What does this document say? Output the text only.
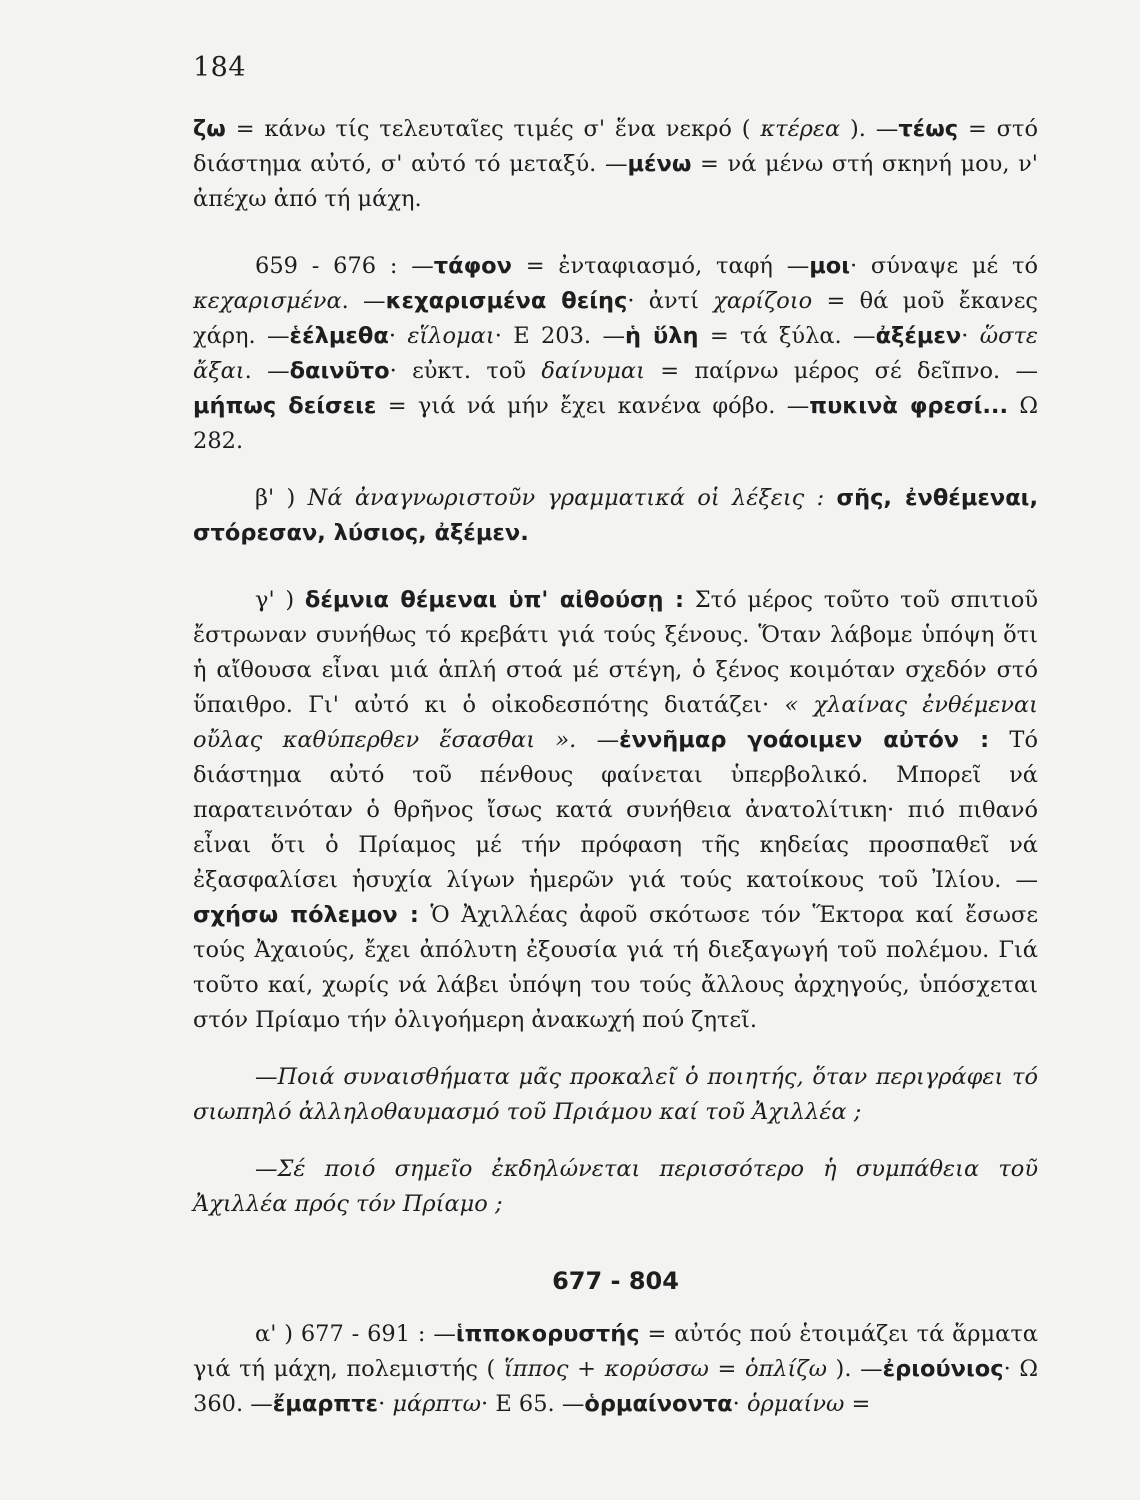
184

ζω = κάνω τίς τελευταῖες τιμές σ' ἕνα νεκρό ( κτέρεα ). —τέως = στό διάστημα αὐτό, σ' αὐτό τό μεταξύ. —μένω = νά μένω στή σκηνή μου, ν' ἀπέχω ἀπό τή μάχη.

659 - 676 : —τάφον = ἐνταφιασμό, ταφή —μοι· σύναψε μέ τό κεχαρισμένα. —κεχαρισμένα θείης· ἀντί χαρίζοιο = θά μοῦ ἔκανες χάρη. —ἑέλμεθα· εἵλομαι· Ε 203. —ἡ ὕλη = τά ξύλα. —ἀξέμεν· ὥστε ἄξαι. —δαινῦτο· εὐκτ. τοῦ δαίνυμαι = παίρνω μέρος σέ δεῖπνο. —μήπως δείσειε = γιά νά μήν ἔχει κανένα φόβο. —πυκινὰ φρεσί... Ω 282.

β' ) Νά ἀναγνωριστοῦν γραμματικά οἱ λέξεις : σῆς, ἐνθέμεναι, στόρεσαν, λύσιος, ἀξέμεν.

γ' ) δέμνια θέμεναι ὑπ' αἰθούσῃ : Στό μέρος τοῦτο τοῦ σπιτιοῦ ἔστρωναν συνήθως τό κρεβάτι γιά τούς ξένους. Ὅταν λάβομε ὑπόψη ὅτι ἡ αἴθουσα εἶναι μιά ἁπλή στοά μέ στέγη, ὁ ξένος κοιμόταν σχεδόν στό ὕπαιθρο. Γι' αὐτό κι ὁ οἰκοδεσπότης διατάζει· « χλαίνας ἐνθέμεναι οὔλας καθύπερθεν ἕσασθαι ». —ἐννῆμαρ γοάοιμεν αὐτόν : Τό διάστημα αὐτό τοῦ πένθους φαίνεται ὑπερβολικό. Μπορεῖ νά παρατεινόταν ὁ θρῆνος ἴσως κατά συνήθεια ἀνατολίτικη· πιό πιθανό εἶναι ὅτι ὁ Πρίαμος μέ τήν πρόφαση τῆς κηδείας προσπαθεῖ νά ἐξασφαλίσει ἡσυχία λίγων ἡμερῶν γιά τούς κατοίκους τοῦ Ἰλίου. —σχήσω πόλεμον : Ὁ Ἀχιλλέας ἀφοῦ σκότωσε τόν Ἕκτορα καί ἔσωσε τούς Ἀχαιούς, ἔχει ἀπόλυτη ἐξουσία γιά τή διεξαγωγή τοῦ πολέμου. Γιά τοῦτο καί, χωρίς νά λάβει ὑπόψη του τούς ἄλλους ἀρχηγούς, ὑπόσχεται στόν Πρίαμο τήν ὀλιγοήμερη ἀνακωχή πού ζητεῖ.

—Ποιά συναισθήματα μᾶς προκαλεῖ ὁ ποιητής, ὅταν περιγράφει τό σιωπηλό ἀλληλοθαυμασμό τοῦ Πριάμου καί τοῦ Ἀχιλλέα ;

—Σέ ποιό σημεῖο ἐκδηλώνεται περισσότερο ἡ συμπάθεια τοῦ Ἀχιλλέα πρός τόν Πρίαμο ;

677 - 804

α' ) 677 - 691 : —ἱπποκορυστής = αὐτός πού ἑτοιμάζει τά ἅρματα γιά τή μάχη, πολεμιστής ( ἵππος + κορύσσω = ὁπλίζω ). —ἐριούνιος· Ω 360. —ἔμαρπτε· μάρπτω· Ε 65. —ὁρμαίνοντα· ὁρμαίνω =
